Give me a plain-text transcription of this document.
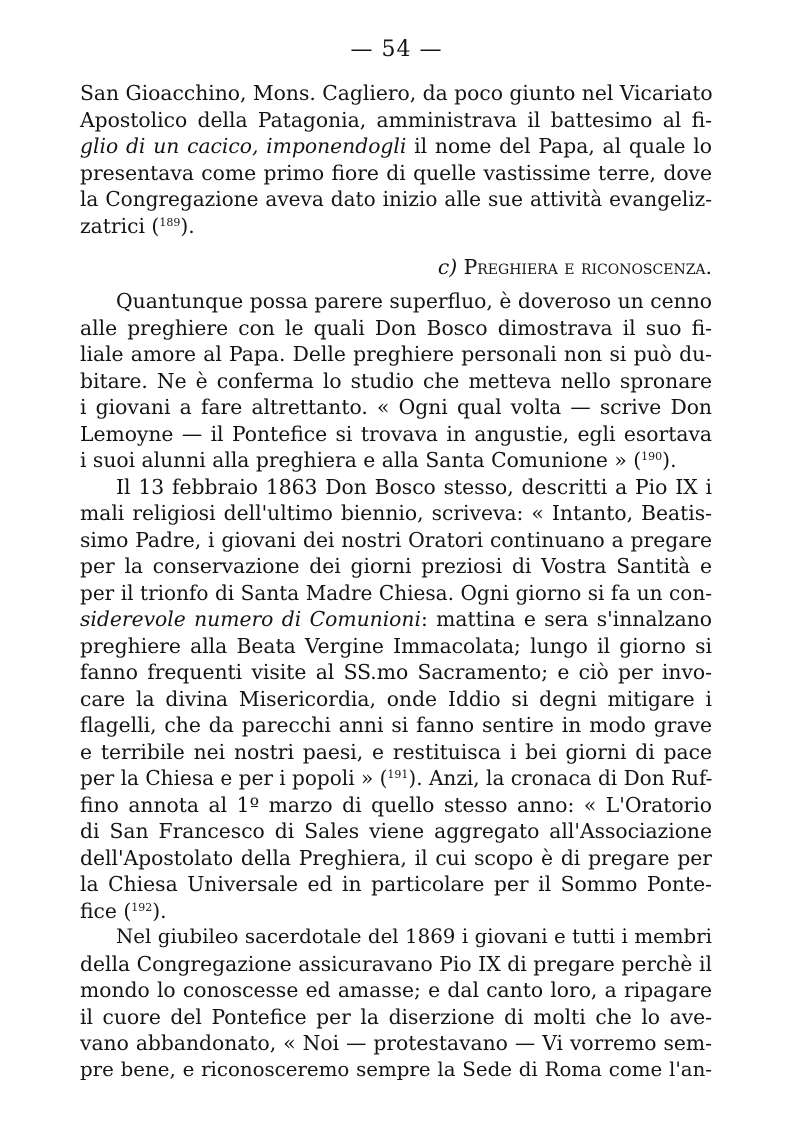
— 54 —
San Gioacchino, Mons. Cagliero, da poco giunto nel Vicariato
Apostolico della Patagonia, amministrava il battesimo al fi-
glio di un cacico, imponendogli il nome del Papa, al quale lo
presentava come primo fiore di quelle vastissime terre, dove
la Congregazione aveva dato inizio alle sue attività evangeliz-
zatrici ($^{189}$).
c) Preghiera e riconoscenza.
Quantunque possa parere superfluo, è doveroso un cenno
alle preghiere con le quali Don Bosco dimostrava il suo fi-
liale amore al Papa. Delle preghiere personali non si può du-
bitare. Ne è conferma lo studio che metteva nello spronare
i giovani a fare altrettanto. « Ogni qual volta — scrive Don
Lemoyne — il Pontefice si trovava in angustie, egli esortava
i suoi alunni alla preghiera e alla Santa Comunione » ($^{190}$).
Il 13 febbraio 1863 Don Bosco stesso, descritti a Pio IX i
mali religiosi dell'ultimo biennio, scriveva: « Intanto, Beatis-
simo Padre, i giovani dei nostri Oratori continuano a pregare
per la conservazione dei giorni preziosi di Vostra Santità e
per il trionfo di Santa Madre Chiesa. Ogni giorno si fa un con-
siderevole numero di Comunioni: mattina e sera s'innalzano
preghiere alla Beata Vergine Immacolata; lungo il giorno si
fanno frequenti visite al SS.mo Sacramento; e ciò per invo-
care la divina Misericordia, onde Iddio si degni mitigare i
flagelli, che da parecchi anni si fanno sentire in modo grave
e terribile nei nostri paesi, e restituisca i bei giorni di pace
per la Chiesa e per i popoli » ($^{191}$). Anzi, la cronaca di Don Ruf-
fino annota al 1º marzo di quello stesso anno: « L'Oratorio
di San Francesco di Sales viene aggregato all'Associazione
dell'Apostolato della Preghiera, il cui scopo è di pregare per
la Chiesa Universale ed in particolare per il Sommo Ponte-
fice ($^{192}$).
Nel giubileo sacerdotale del 1869 i giovani e tutti i membri
della Congregazione assicuravano Pio IX di pregare perchè il
mondo lo conoscesse ed amasse; e dal canto loro, a ripagare
il cuore del Pontefice per la diserzione di molti che lo ave-
vano abbandonato, « Noi — protestavano — Vi vorremo sem-
pre bene, e riconosceremo sempre la Sede di Roma come l'an-
